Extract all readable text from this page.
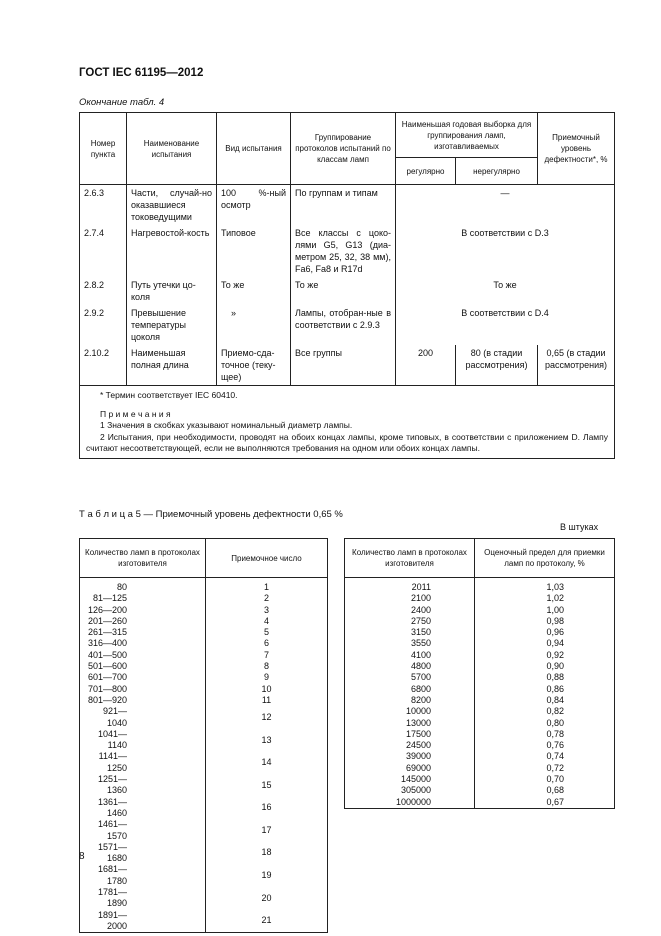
ГОСТ IEC 61195—2012
Окончание табл. 4
Номер пункта	Наименование испытания	Вид испытания	Группирование протоколов испытаний по классам ламп	Наименьшая годовая выборка для группирования ламп, изготавливаемых		Приемочный уровень дефектности*, %
				регулярно	нерегулярно	
2.6.3	Части, случай-но оказавшиеся токоведущими	100 %-ный осмотр	По группам и типам	—		
2.7.4	Нагревостой-кость	Типовое	Все классы с цоко-лями G5, G13 (диа-метром 25, 32, 38 мм), Fa6, Fa8 и R17d	В соответствии с D.3		
2.8.2	Путь утечки цо-коля	То же	То же	То же		
2.9.2	Превышение температуры цоколя	»	Лампы, отобран-ные в соответствии с 2.9.3	В соответствии с D.4		
2.10.2	Наименьшая полная длина	Приемо-сда-точное (теку-щее)	Все группы	200	80 (в стадии рассмотрения)	0,65 (в стадии рассмотрения)

* Термин соответствует IEC 60410.
П р и м е ч а н и я
1 Значения в скобках указывают номинальный диаметр лампы.
2 Испытания, при необходимости, проводят на обоих концах лампы, кроме типовых, в соответствии с приложением D. Лампу считают несоответствующей, если не выполняются требования на одном или обоих концах лампы.						
Т а б л и ц а 5 — Приемочный уровень дефектности 0,65 %
В штуках
Количество ламп в протоколах изготовителя	Приемочное число
80	1
81—125	2
126—200	3
201—260	4
261—315	5
316—400	6
401—500	7
501—600	8
601—700	9
701—800	10
801—920	11
921—1040	12
1041—1140	13
1141—1250	14
1251—1360	15
1361—1460	16
1461—1570	17
1571—1680	18
1681—1780	19
1781—1890	20
1891—2000	21
Количество ламп в протоколах изготовителя	Оценочный предел для приемки ламп по протоколу, %
2011	1,03
2100	1,02
2400	1,00
2750	0,98
3150	0,96
3550	0,94
4100	0,92
4800	0,90
5700	0,88
6800	0,86
8200	0,84
10000	0,82
13000	0,80
17500	0,78
24500	0,76
39000	0,74
69000	0,72
145000	0,70
305000	0,68
1000000	0,67
8
